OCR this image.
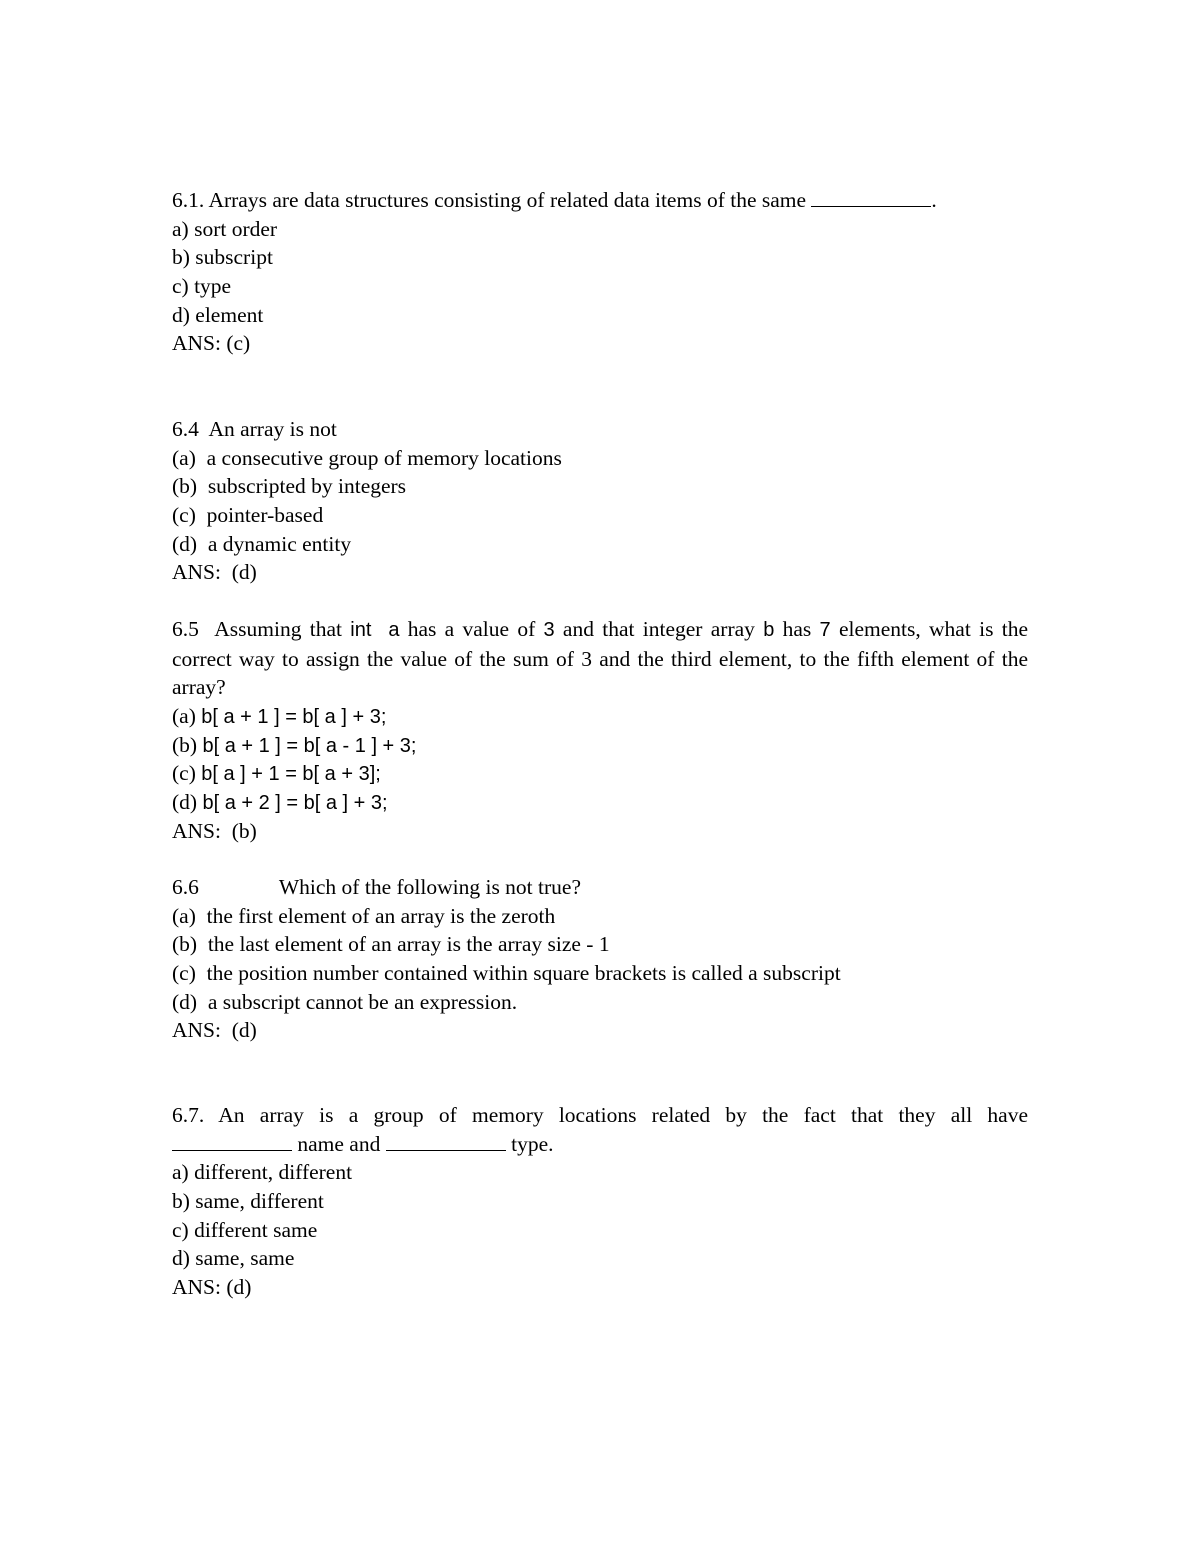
6.1. Arrays are data structures consisting of related data items of the same	.
a) sort order
b) subscript
c) type
d) element
ANS: (c)
6.4  An array is not
(a)  a consecutive group of memory locations
(b)  subscripted by integers
(c)  pointer-based
(d)  a dynamic entity
ANS:  (d)
6.5  Assuming that int  a has a value of 3 and that integer array b has 7 elements, what is the correct way to assign the value of the sum of 3 and the third element, to the fifth element of the array?
(a) b[ a + 1 ] = b[ a ] + 3;
(b) b[ a + 1 ] = b[ a - 1 ] + 3;
(c) b[ a ] + 1 = b[ a + 3];
(d) b[ a + 2 ] = b[ a ] + 3;
ANS:  (b)
6.6	Which of the following is not true?
(a)  the first element of an array is the zeroth
(b)  the last element of an array is the array size - 1
(c)  the position number contained within square brackets is called a subscript
(d)  a subscript cannot be an expression.
ANS:  (d)
6.7. An array is a group of memory locations related by the fact that they all have
name and	type.
a) different, different
b) same, different
c) different same
d) same, same
ANS: (d)
